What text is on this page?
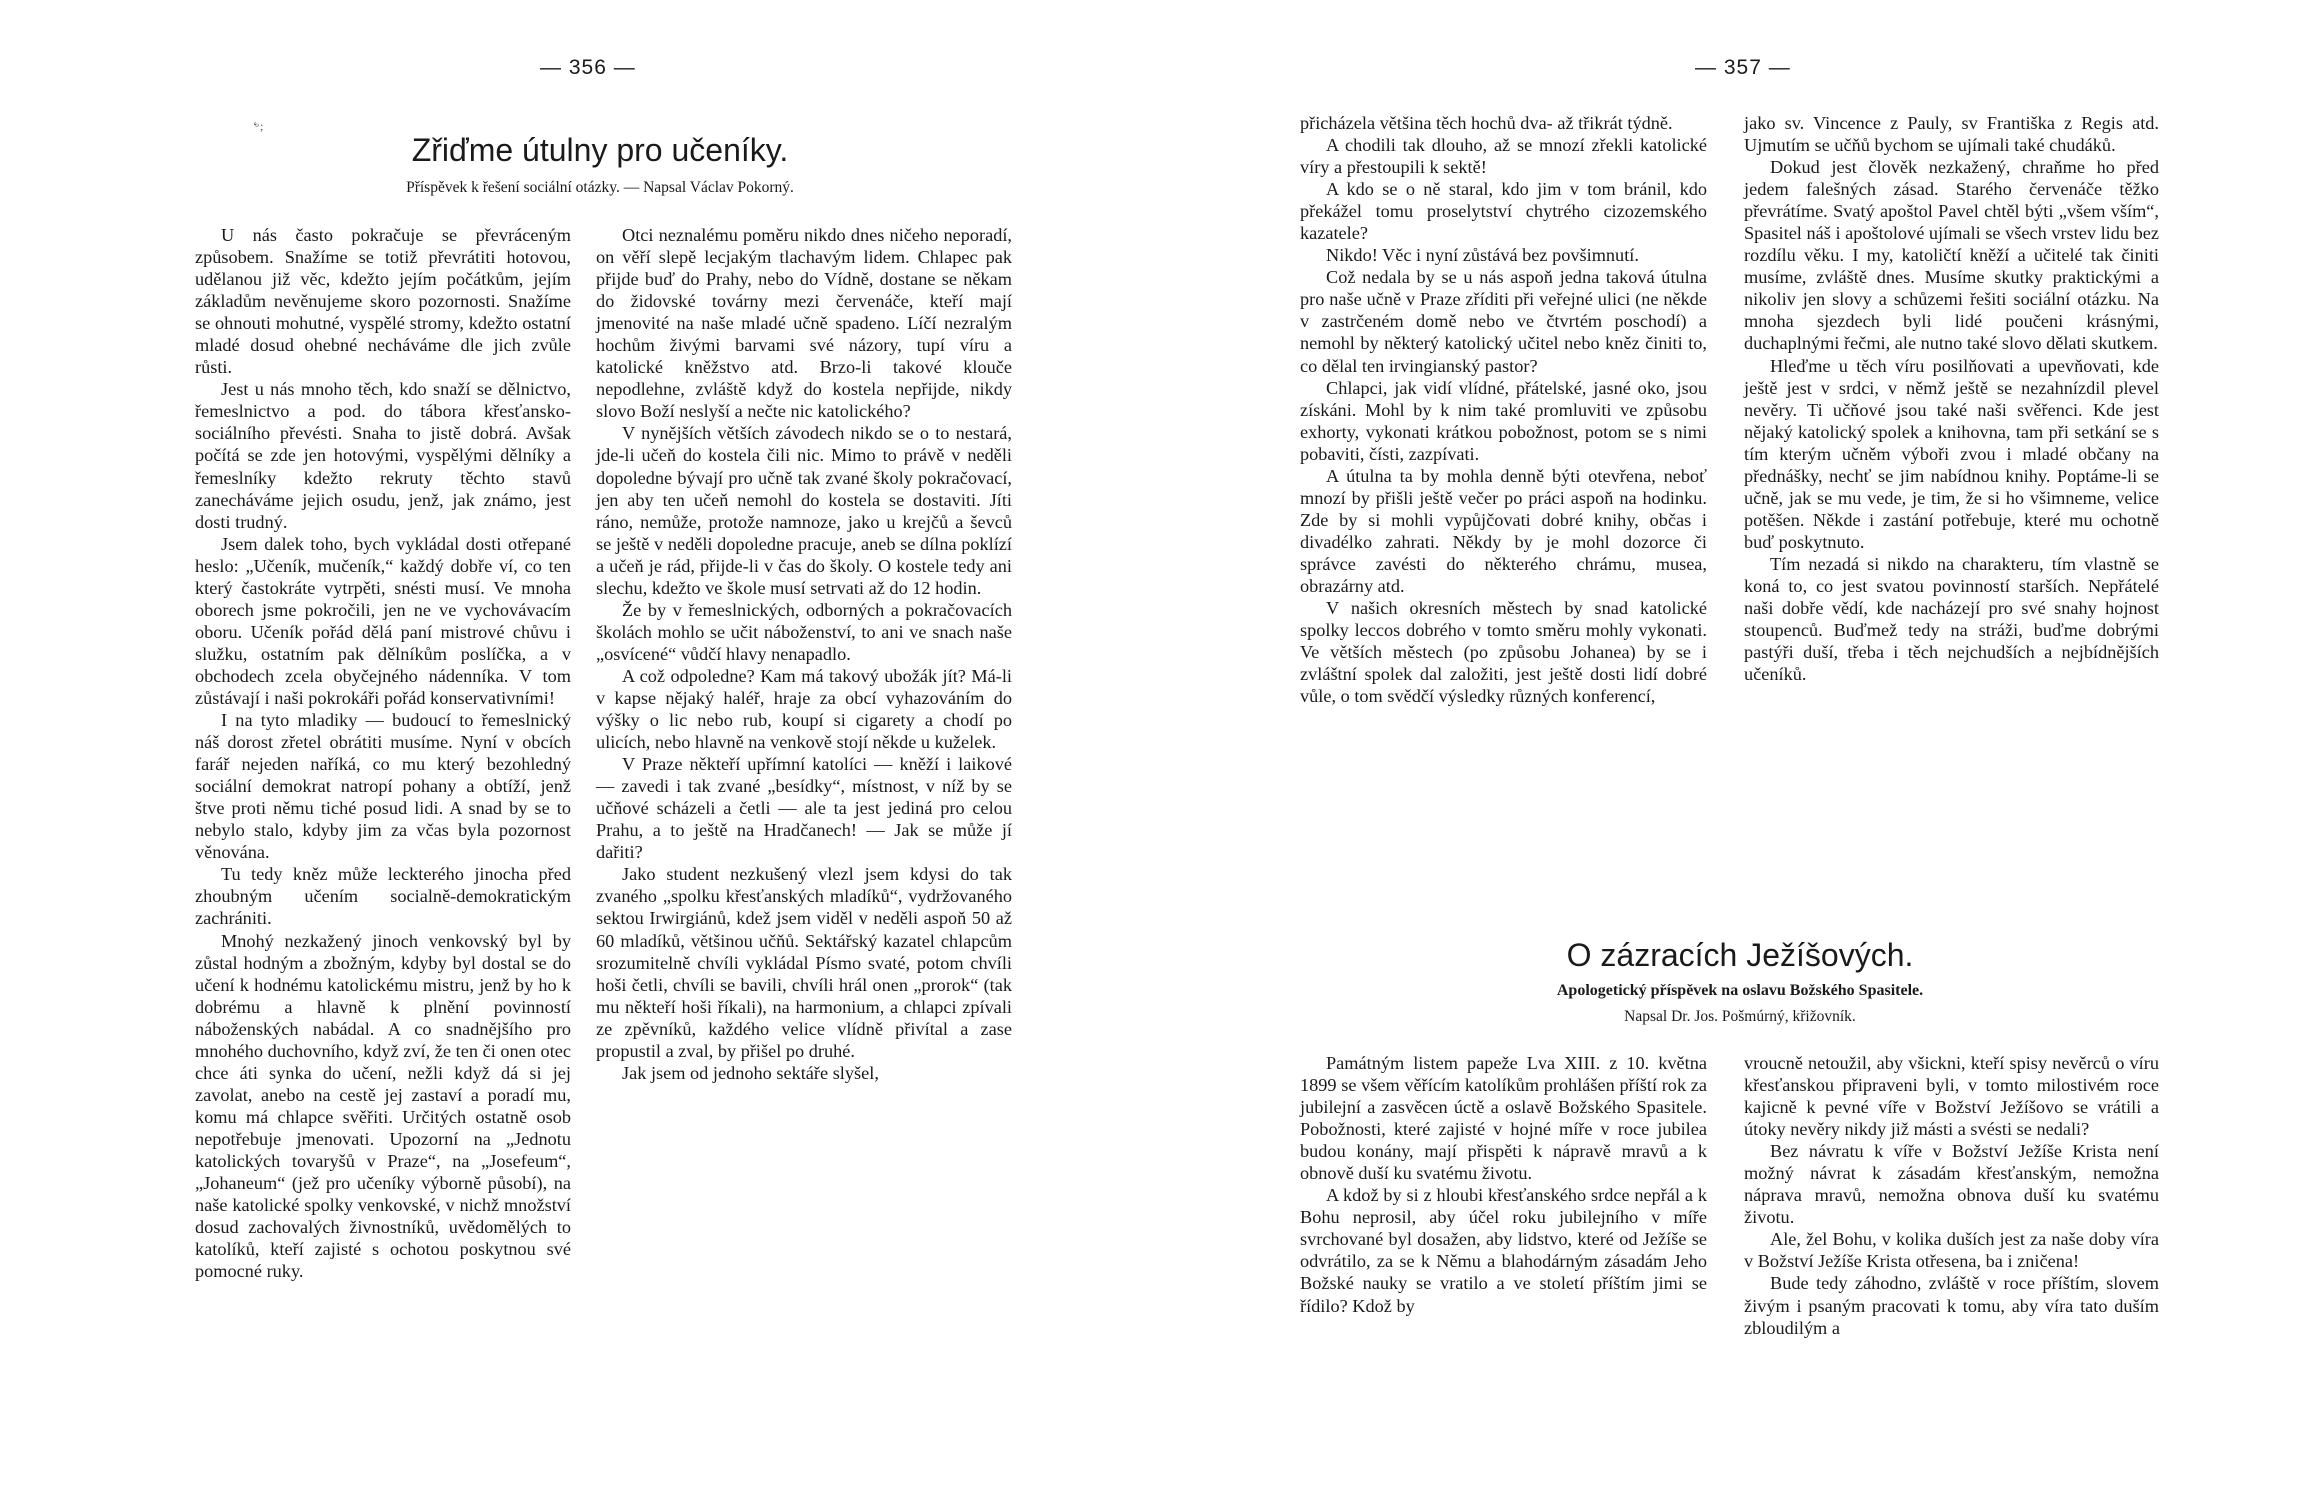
— 356 —
ʻͦ ;
Zřiďme útulny pro učeníky.
Příspěvek k řešení sociální otázky. — Napsal Václav Pokorný.

U nás často pokračuje se převráceným způsobem. Snažíme se totiž převrátiti hotovou, udělanou již věc, kdežto jejím počátkům, jejím základům nevěnujeme skoro pozornosti. Snažíme se ohnouti mohutné, vyspělé stromy, kdežto ostatní mladé dosud ohebné necháváme dle jich zvůle růsti.

Jest u nás mnoho těch, kdo snaží se dělnictvo, řemeslnictvo a pod. do tábora křesťansko-sociálního převésti. Snaha to jistě dobrá. Avšak počítá se zde jen hotovými, vyspělými dělníky a řemeslníky kdežto rekruty těchto stavů zanecháváme jejich osudu, jenž, jak známo, jest dosti trudný.

Jsem dalek toho, bych vykládal dosti otřepané heslo: „Učeník, mučeník,“ každý dobře ví, co ten který častokráte vytrpěti, snésti musí. Ve mnoha oborech jsme pokročili, jen ne ve vychovávacím oboru. Učeník pořád dělá paní mistrové chůvu i služku, ostatním pak dělníkům poslíčka, a v obchodech zcela obyčejného nádenníka. V tom zůstávají i naši pokrokáři pořád konservativními!

I na tyto mladiky — budoucí to řemeslnický náš dorost zřetel obrátiti musíme. Nyní v obcích farář nejeden naříká, co mu který bezohledný sociální demokrat natropí pohany a obtíží, jenž štve proti němu tiché posud lidi. A snad by se to nebylo stalo, kdyby jim za včas byla pozornost věnována.

Tu tedy kněz může leckterého jinocha před zhoubným učením socialně-demokratickým zachrániti.

Mnohý nezkažený jinoch venkovský byl by zůstal hodným a zbožným, kdyby byl dostal se do učení k hodnému katolickému mistru, jenž by ho k dobrému a hlavně k plnění povinností náboženských nabádal. A co snadnějšího pro mnohého duchovního, když zví, že ten či onen otec chce áti synka do učení, nežli když dá si jej zavolat, anebo na cestě jej zastaví a poradí mu, komu má chlapce svěřiti. Určitých ostatně osob nepotřebuje jmenovati. Upozorní na „Jednotu katolických tovaryšů v Praze“, na „Josefeum“, „Johaneum“ (jež pro učeníky výborně působí), na naše katolické spolky venkovské, v nichž množství dosud zachovalých živnostníků, uvědomělých to katolíků, kteří zajisté s ochotou poskytnou své pomocné ruky.

Otci neznalému poměru nikdo dnes ničeho neporadí, on věří slepě lecjakým tlachavým lidem. Chlapec pak přijde buď do Prahy, nebo do Vídně, dostane se někam do židovské továrny mezi červenáče, kteří mají jmenovité na naše mladé učně spadeno. Líčí nezralým hochům živými barvami své názory, tupí víru a katolické kněžstvo atd. Brzo-li takové klouče nepodlehne, zvláště když do kostela nepřijde, nikdy slovo Boží neslyší a nečte nic katolického?

V nynějších větších závodech nikdo se o to nestará, jde-li učeň do kostela čili nic. Mimo to právě v neděli dopoledne bývají pro učně tak zvané školy pokračovací, jen aby ten učeň nemohl do kostela se dostaviti. Jíti ráno, nemůže, protože namnoze, jako u krejčů a ševců se ještě v neděli dopoledne pracuje, aneb se dílna poklízí a učeň je rád, přijde-li v čas do školy. O kostele tedy ani slechu, kdežto ve škole musí setrvati až do 12 hodin.

Že by v řemeslnických, odborných a pokračovacích školách mohlo se učit náboženství, to ani ve snach naše „osvícené“ vůdčí hlavy nenapadlo.

A což odpoledne? Kam má takový ubožák jít? Má-li v kapse nějaký haléř, hraje za obcí vyhazováním do výšky o lic nebo rub, koupí si cigarety a chodí po ulicích, nebo hlavně na venkově stojí někde u kuželek.

V Praze někteří upřímní katolíci — kněží i laikové — zavedi i tak zvané „besídky“, místnost, v níž by se učňové scházeli a četli — ale ta jest jediná pro celou Prahu, a to ještě na Hradčanech! — Jak se může jí dařiti?

Jako student nezkušený vlezl jsem kdysi do tak zvaného „spolku křesťanských mladíků“, vydržovaného sektou Irwirgiánů, kdež jsem viděl v neděli aspoň 50 až 60 mladíků, většinou učňů. Sektářský kazatel chlapcům srozumitelně chvíli vykládal Písmo svaté, potom chvíli hoši četli, chvíli se bavili, chvíli hrál onen „prorok“ (tak mu někteří hoši říkali), na harmonium, a chlapci zpívali ze zpěvníků, každého velice vlídně přivítal a zase propustil a zval, by přišel po druhé.

Jak jsem od jednoho sektáře slyšel,

— 357 —

přicházela většina těch hochů dva- až třikrát týdně.

A chodili tak dlouho, až se mnozí zřekli katolické víry a přestoupili k sektě!

A kdo se o ně staral, kdo jim v tom bránil, kdo překážel tomu proselytství chytrého cizozemského kazatele?

Nikdo! Věc i nyní zůstává bez povšimnutí.

Což nedala by se u nás aspoň jedna taková útulna pro naše učně v Praze zříditi při veřejné ulici (ne někde v zastrčeném domě nebo ve čtvrtém poschodí) a nemohl by některý katolický učitel nebo kněz činiti to, co dělal ten irvingianský pastor?

Chlapci, jak vidí vlídné, přátelské, jasné oko, jsou získáni. Mohl by k nim také promluviti ve způsobu exhorty, vykonati krátkou pobožnost, potom se s nimi pobaviti, čísti, zazpívati.

A útulna ta by mohla denně býti otevřena, neboť mnozí by přišli ještě večer po práci aspoň na hodinku. Zde by si mohli vypůjčovati dobré knihy, občas i divadélko zahrati. Někdy by je mohl dozorce či správce zavésti do některého chrámu, musea, obrazárny atd.

V našich okresních městech by snad katolické spolky leccos dobrého v tomto směru mohly vykonati. Ve větších městech (po způsobu Johanea) by se i zvláštní spolek dal založiti, jest ještě dosti lidí dobré vůle, o tom svědčí výsledky různých konferencí,

jako sv. Vincence z Pauly, sv Františka z Regis atd. Ujmutím se učňů bychom se ujímali také chudáků.

Dokud jest člověk nezkažený, chraňme ho před jedem falešných zásad. Starého červenáče těžko převrátíme. Svatý apoštol Pavel chtěl býti „všem vším“, Spasitel náš i apoštolové ujímali se všech vrstev lidu bez rozdílu věku. I my, katoličtí kněží a učitelé tak činiti musíme, zvláště dnes. Musíme skutky praktickými a nikoliv jen slovy a schůzemi řešiti sociální otázku. Na mnoha sjezdech byli lidé poučeni krásnými, duchaplnými řečmi, ale nutno také slovo dělati skutkem.

Hleďme u těch víru posilňovati a upevňovati, kde ještě jest v srdci, v němž ještě se nezahnízdil plevel nevěry. Ti učňové jsou také naši svěřenci. Kde jest nějaký katolický spolek a knihovna, tam při setkání se s tím kterým učněm výboři zvou i mladé občany na přednášky, nechť se jim nabídnou knihy. Poptáme-li se učně, jak se mu vede, je tim, že si ho všimneme, velice potěšen. Někde i zastání potřebuje, které mu ochotně buď poskytnuto.

Tím nezadá si nikdo na charakteru, tím vlastně se koná to, co jest svatou povinností starších. Nepřátelé naši dobře vědí, kde nacházejí pro své snahy hojnost stoupenců. Buďmež tedy na stráži, buďme dobrými pastýři duší, třeba i těch nejchudších a nejbídnějších učeníků.

O zázracích Ježíšových.
Apologetický příspěvek na oslavu Božského Spasitele.
Napsal Dr. Jos. Pošmúrný, křižovník.

Památným listem papeže Lva XIII. z 10. května 1899 se všem věřícím katolíkům prohlášen příští rok za jubilejní a zasvěcen úctě a oslavě Božského Spasitele. Pobožnosti, které zajisté v hojné míře v roce jubilea budou konány, mají přispěti k nápravě mravů a k obnově duší ku svatému životu.

A kdož by si z hloubi křesťanského srdce nepřál a k Bohu neprosil, aby účel roku jubilejního v míře svrchované byl dosažen, aby lidstvo, které od Ježíše se odvrátilo, za se k Němu a blahodárným zásadám Jeho Božské nauky se vratilo a ve století příštím jimi se řídilo? Kdož by

vroucně netoužil, aby všickni, kteří spisy nevěrců o víru křesťanskou připraveni byli, v tomto milostivém roce kajicně k pevné víře v Božství Ježíšovo se vrátili a útoky nevěry nikdy již másti a svésti se nedali?

Bez návratu k víře v Božství Ježíše Krista není možný návrat k zásadám křesťanským, nemožna náprava mravů, nemožna obnova duší ku svatému životu.

Ale, žel Bohu, v kolika duších jest za naše doby víra v Božství Ježíše Krista otřesena, ba i zničena!

Bude tedy záhodno, zvláště v roce příštím, slovem živým i psaným pracovati k tomu, aby víra tato duším zbloudilým a
